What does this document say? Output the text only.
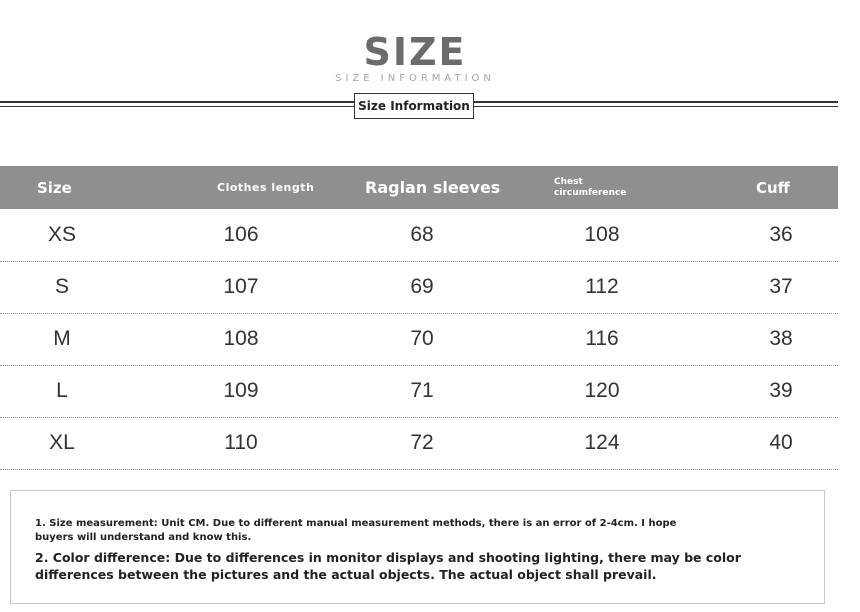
SIZE
SIZE INFORMATION
Size Information
Size	Clothes length	Raglan sleeves	Chest circumference	Cuff
XS	106	68	108	36
S	107	69	112	37
M	108	70	116	38
L	109	71	120	39
XL	110	72	124	40
1. Size measurement: Unit CM. Due to different manual measurement methods, there is an error of 2-4cm. I hope buyers will understand and know this.
2. Color difference: Due to differences in monitor displays and shooting lighting, there may be color differences between the pictures and the actual objects. The actual object shall prevail.
